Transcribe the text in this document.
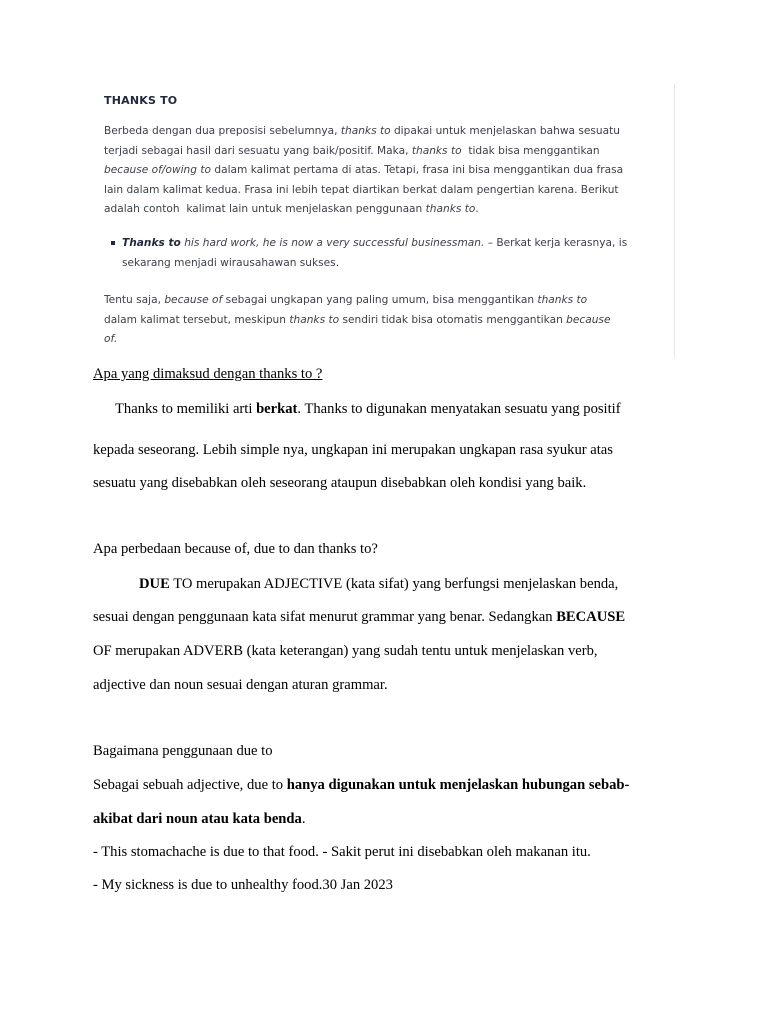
THANKS TO
Berbeda dengan dua preposisi sebelumnya, thanks to dipakai untuk menjelaskan bahwa sesuatu
terjadi sebagai hasil dari sesuatu yang baik/positif. Maka, thanks to  tidak bisa menggantikan
because of/owing to dalam kalimat pertama di atas. Tetapi, frasa ini bisa menggantikan dua frasa
lain dalam kalimat kedua. Frasa ini lebih tepat diartikan berkat dalam pengertian karena. Berikut
adalah contoh  kalimat lain untuk menjelaskan penggunaan thanks to.
Thanks to his hard work, he is now a very successful businessman. – Berkat kerja kerasnya, is
sekarang menjadi wirausahawan sukses.
Tentu saja, because of sebagai ungkapan yang paling umum, bisa menggantikan thanks to
dalam kalimat tersebut, meskipun thanks to sendiri tidak bisa otomatis menggantikan because
of.
Apa yang dimaksud dengan thanks to ?
Thanks to memiliki arti berkat. Thanks to digunakan menyatakan sesuatu yang positif
kepada seseorang. Lebih simple nya, ungkapan ini merupakan ungkapan rasa syukur atas
sesuatu yang disebabkan oleh seseorang ataupun disebabkan oleh kondisi yang baik.
Apa perbedaan because of, due to dan thanks to?
DUE TO merupakan ADJECTIVE (kata sifat) yang berfungsi menjelaskan benda,
sesuai dengan penggunaan kata sifat menurut grammar yang benar. Sedangkan BECAUSE
OF merupakan ADVERB (kata keterangan) yang sudah tentu untuk menjelaskan verb,
adjective dan noun sesuai dengan aturan grammar.
Bagaimana penggunaan due to
Sebagai sebuah adjective, due to hanya digunakan untuk menjelaskan hubungan sebab-
akibat dari noun atau kata benda.
- This stomachache is due to that food. - Sakit perut ini disebabkan oleh makanan itu.
- My sickness is due to unhealthy food.30 Jan 2023
